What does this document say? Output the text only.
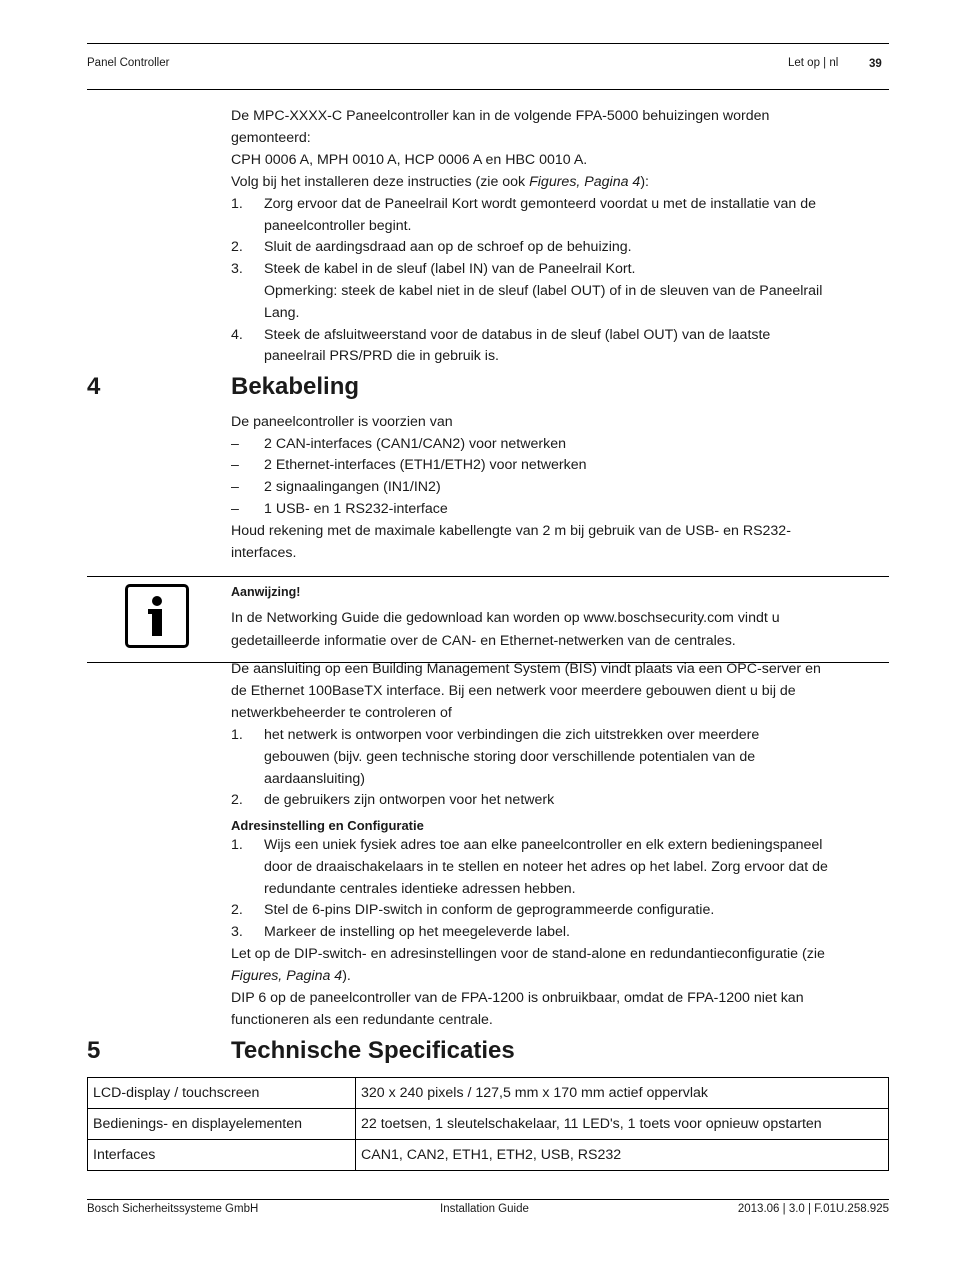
Panel Controller	Let op | nl	39
De MPC-XXXX-C Paneelcontroller kan in de volgende FPA-5000 behuizingen worden
gemonteerd:
CPH 0006 A, MPH 0010 A, HCP 0006 A en HBC 0010 A.
Volg bij het installeren deze instructies (zie ook Figures, Pagina 4):
1. Zorg ervoor dat de Paneelrail Kort wordt gemonteerd voordat u met de installatie van de
paneelcontroller begint.
2. Sluit de aardingsdraad aan op de schroef op de behuizing.
3. Steek de kabel in de sleuf (label IN) van de Paneelrail Kort.
Opmerking: steek de kabel niet in de sleuf (label OUT) of in de sleuven van de Paneelrail
Lang.
4. Steek de afsluitweerstand voor de databus in de sleuf (label OUT) van de laatste
paneelrail PRS/PRD die in gebruik is.
4	Bekabeling
De paneelcontroller is voorzien van
– 2 CAN-interfaces (CAN1/CAN2) voor netwerken
– 2 Ethernet-interfaces (ETH1/ETH2) voor netwerken
– 2 signaalingangen (IN1/IN2)
– 1 USB- en 1 RS232-interface
Houd rekening met de maximale kabellengte van 2 m bij gebruik van de USB- en RS232-
interfaces.
Aanwijzing!
In de Networking Guide die gedownload kan worden op www.boschsecurity.com vindt u
gedetailleerde informatie over de CAN- en Ethernet-netwerken van de centrales.
De aansluiting op een Building Management System (BIS) vindt plaats via een OPC-server en
de Ethernet 100BaseTX interface. Bij een netwerk voor meerdere gebouwen dient u bij de
netwerkbeheerder te controleren of
1. het netwerk is ontworpen voor verbindingen die zich uitstrekken over meerdere
gebouwen (bijv. geen technische storing door verschillende potentialen van de
aardaansluiting)
2. de gebruikers zijn ontworpen voor het netwerk
Adresinstelling en Configuratie
1. Wijs een uniek fysiek adres toe aan elke paneelcontroller en elk extern bedieningspaneel
door de draaischakelaars in te stellen en noteer het adres op het label. Zorg ervoor dat de
redundante centrales identieke adressen hebben.
2. Stel de 6-pins DIP-switch in conform de geprogrammeerde configuratie.
3. Markeer de instelling op het meegeleverde label.
Let op de DIP-switch- en adresinstellingen voor de stand-alone en redundantieconfiguratie (zie
Figures, Pagina 4).
DIP 6 op de paneelcontroller van de FPA-1200 is onbruikbaar, omdat de FPA-1200 niet kan
functioneren als een redundante centrale.
5	Technische Specificaties
LCD-display / touchscreen	320 x 240 pixels / 127,5 mm x 170 mm actief oppervlak
Bedienings- en displayelementen	22 toetsen, 1 sleutelschakelaar, 11 LED's, 1 toets voor opnieuw opstarten
Interfaces	CAN1, CAN2, ETH1, ETH2, USB, RS232
Bosch Sicherheitssysteme GmbH	Installation Guide	2013.06 | 3.0 | F.01U.258.925
